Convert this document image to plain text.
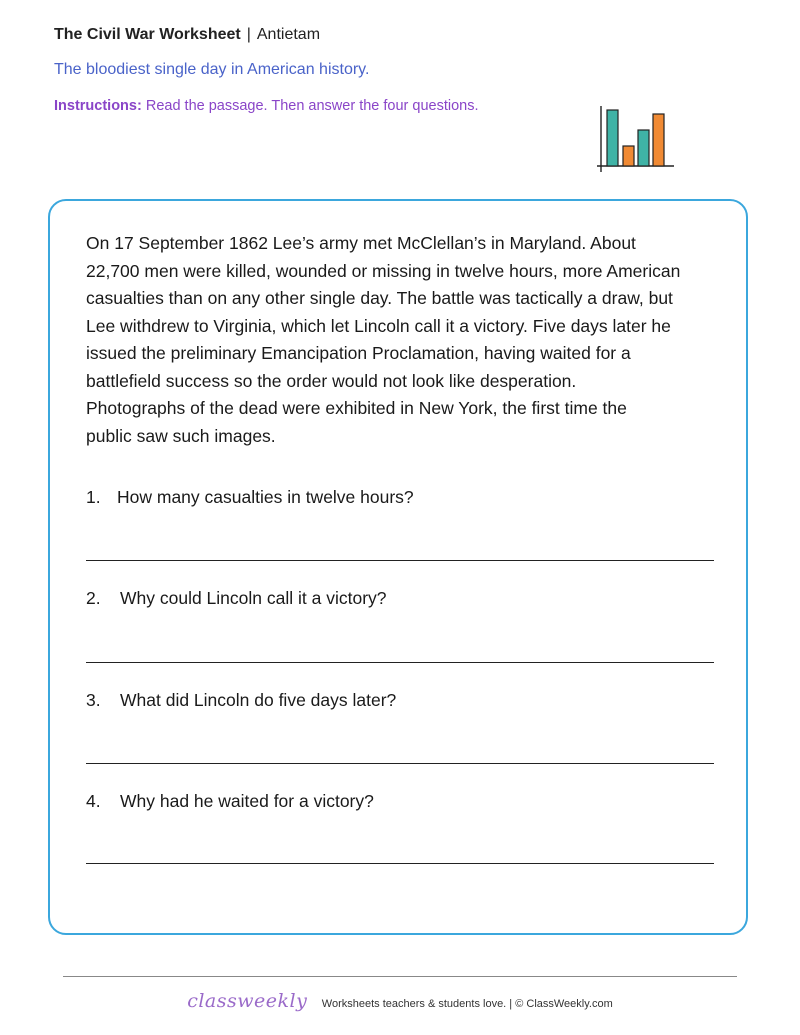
The Civil War Worksheet | Antietam
The bloodiest single day in American history.
Instructions: Read the passage. Then answer the four questions.
On 17 September 1862 Lee’s army met McClellan’s in Maryland. About
22,700 men were killed, wounded or missing in twelve hours, more American
casualties than on any other single day. The battle was tactically a draw, but
Lee withdrew to Virginia, which let Lincoln call it a victory. Five days later he
issued the preliminary Emancipation Proclamation, having waited for a
battlefield success so the order would not look like desperation.
Photographs of the dead were exhibited in New York, the first time the
public saw such images.
1. How many casualties in twelve hours?
2. Why could Lincoln call it a victory?
3. What did Lincoln do five days later?
4. Why had he waited for a victory?
classweekly Worksheets teachers & students love. | © ClassWeekly.com
